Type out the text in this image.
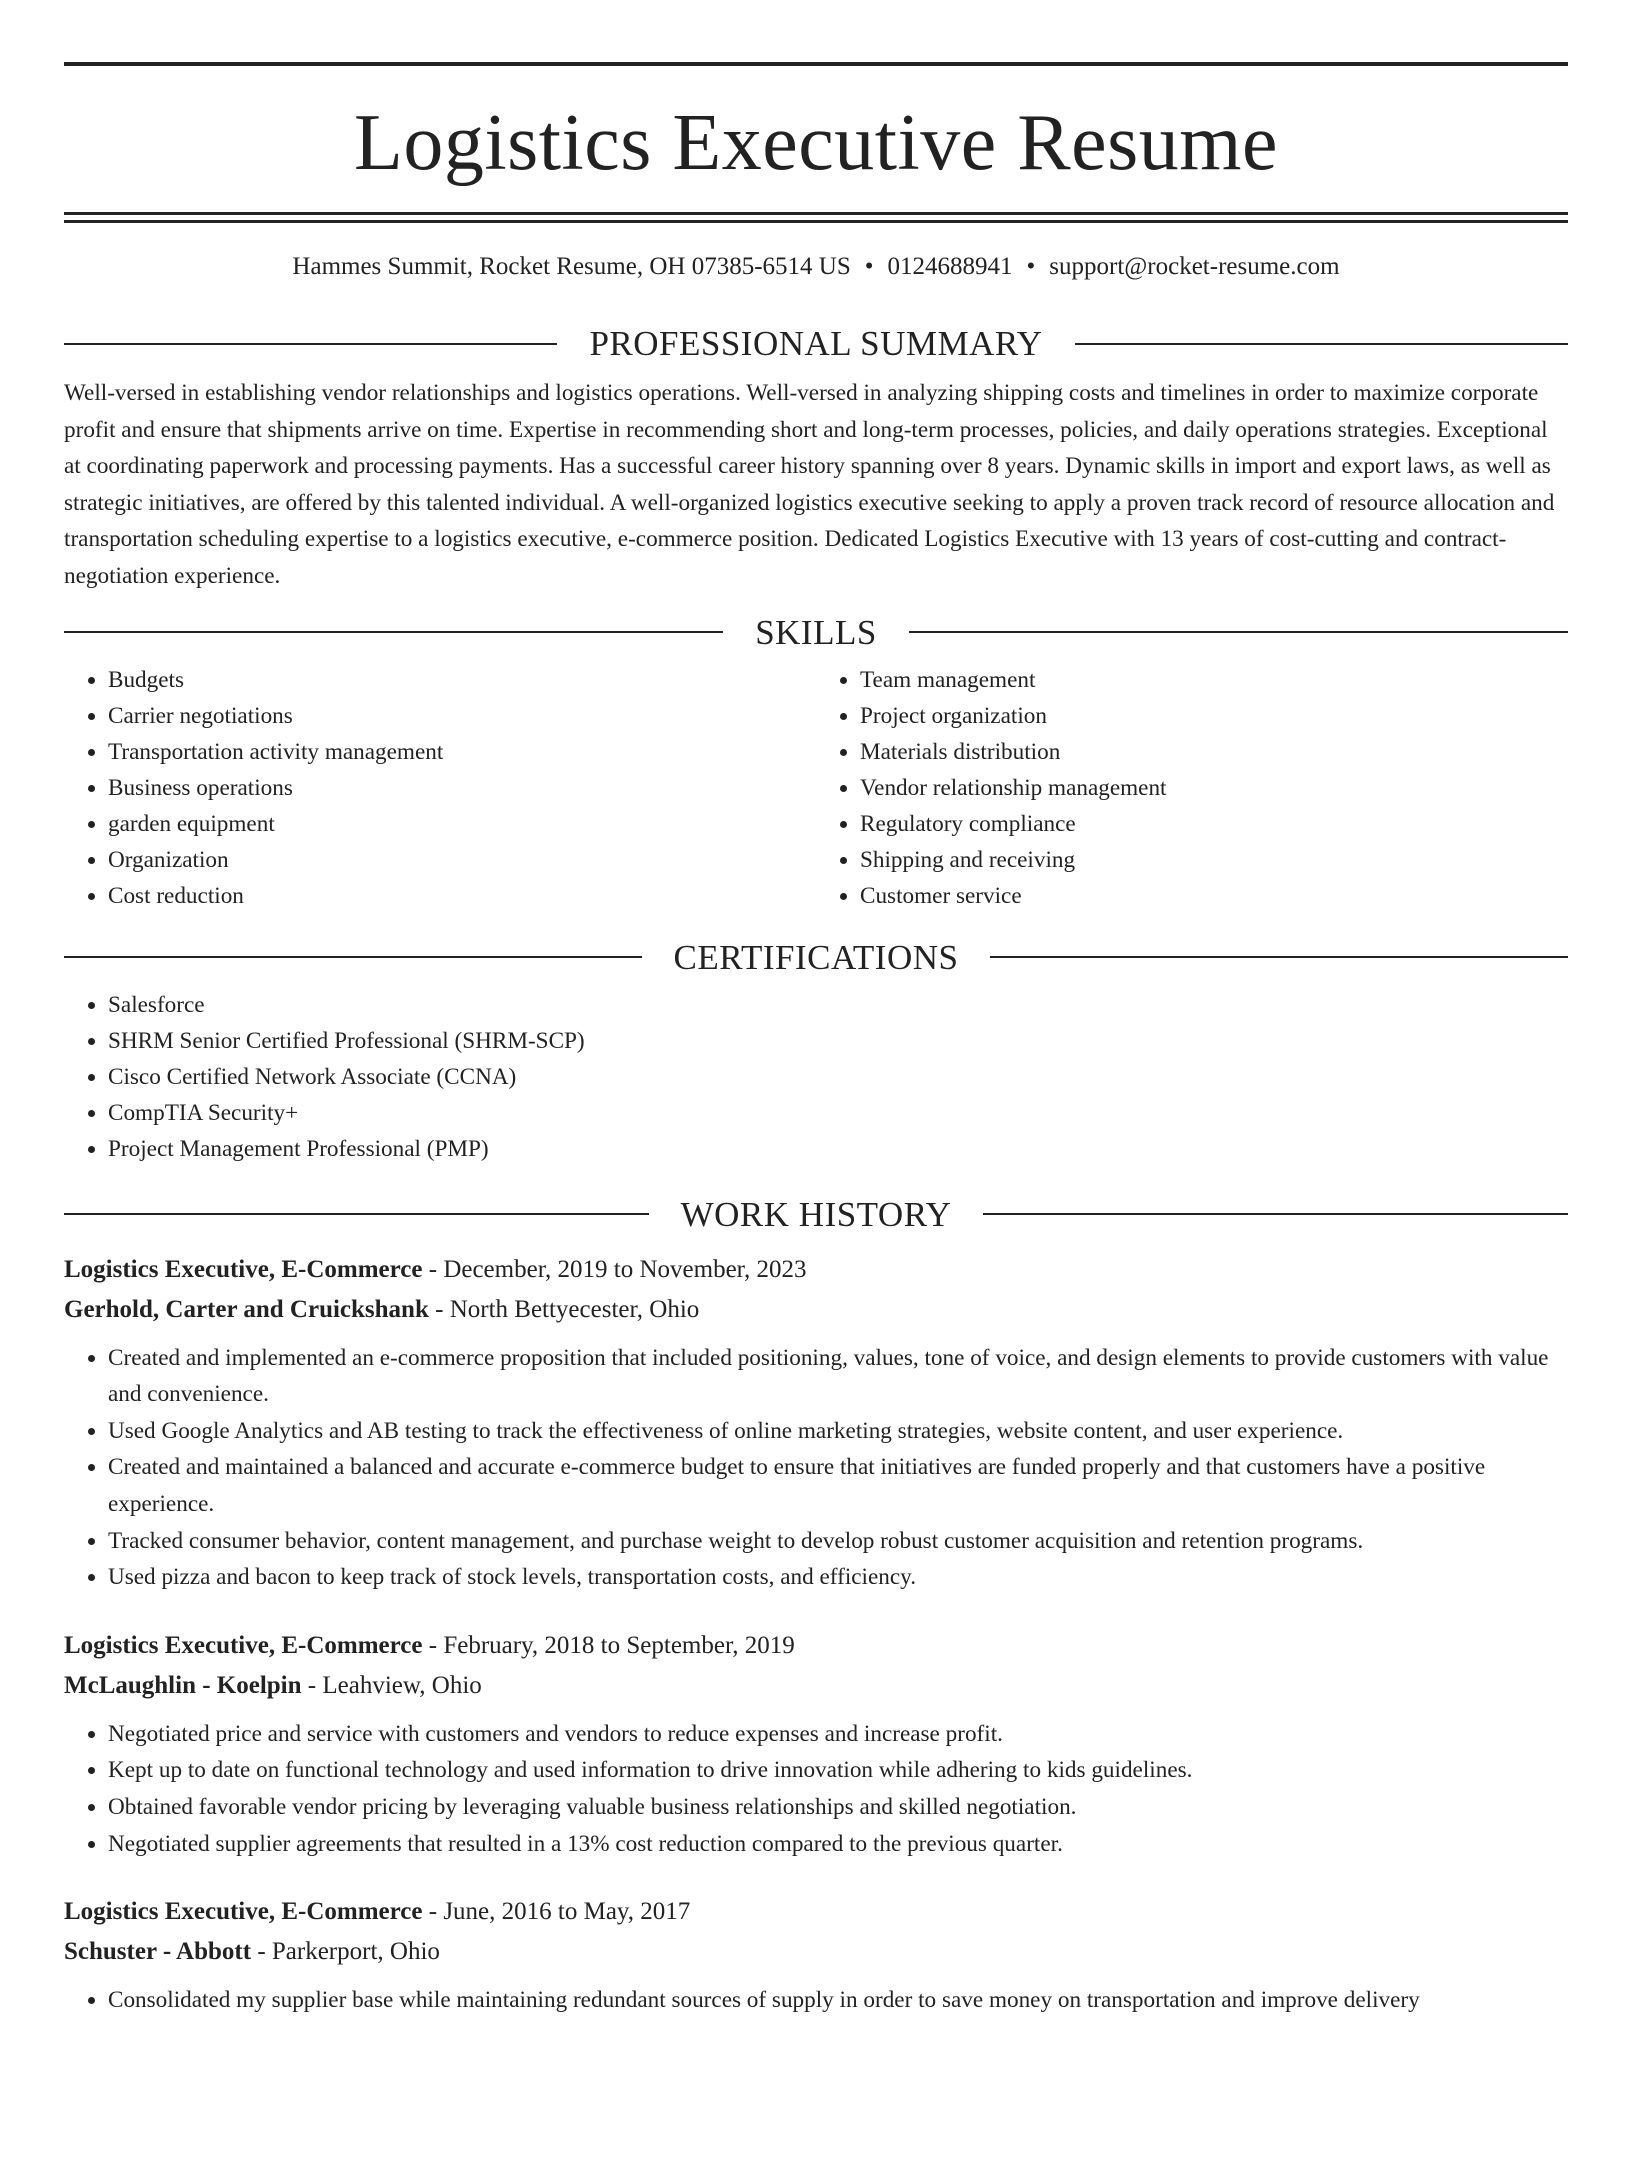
Logistics Executive Resume
Hammes Summit, Rocket Resume, OH 07385-6514 US • 0124688941 • support@rocket-resume.com
PROFESSIONAL SUMMARY

Well-versed in establishing vendor relationships and logistics operations. Well-versed in analyzing shipping costs and timelines in order to maximize corporate profit and ensure that shipments arrive on time. Expertise in recommending short and long-term processes, policies, and daily operations strategies. Exceptional at coordinating paperwork and processing payments. Has a successful career history spanning over 8 years. Dynamic skills in import and export laws, as well as strategic initiatives, are offered by this talented individual. A well-organized logistics executive seeking to apply a proven track record of resource allocation and transportation scheduling expertise to a logistics executive, e-commerce position. Dedicated Logistics Executive with 13 years of cost-cutting and contract-negotiation experience.

SKILLS
• Budgets
• Carrier negotiations
• Transportation activity management
• Business operations
• garden equipment
• Organization
• Cost reduction
• Team management
• Project organization
• Materials distribution
• Vendor relationship management
• Regulatory compliance
• Shipping and receiving
• Customer service
CERTIFICATIONS
• Salesforce
• SHRM Senior Certified Professional (SHRM-SCP)
• Cisco Certified Network Associate (CCNA)
• CompTIA Security+
• Project Management Professional (PMP)
WORK HISTORY
Logistics Executive, E-Commerce - December, 2019 to November, 2023
Gerhold, Carter and Cruickshank - North Bettyecester, Ohio
• Created and implemented an e-commerce proposition that included positioning, values, tone of voice, and design elements to provide customers with value and convenience.
• Used Google Analytics and AB testing to track the effectiveness of online marketing strategies, website content, and user experience.
• Created and maintained a balanced and accurate e-commerce budget to ensure that initiatives are funded properly and that customers have a positive experience.
• Tracked consumer behavior, content management, and purchase weight to develop robust customer acquisition and retention programs.
• Used pizza and bacon to keep track of stock levels, transportation costs, and efficiency.
Logistics Executive, E-Commerce - February, 2018 to September, 2019
McLaughlin - Koelpin - Leahview, Ohio
• Negotiated price and service with customers and vendors to reduce expenses and increase profit.
• Kept up to date on functional technology and used information to drive innovation while adhering to kids guidelines.
• Obtained favorable vendor pricing by leveraging valuable business relationships and skilled negotiation.
• Negotiated supplier agreements that resulted in a 13% cost reduction compared to the previous quarter.
Logistics Executive, E-Commerce - June, 2016 to May, 2017
Schuster - Abbott - Parkerport, Ohio
• Consolidated my supplier base while maintaining redundant sources of supply in order to save money on transportation and improve delivery
